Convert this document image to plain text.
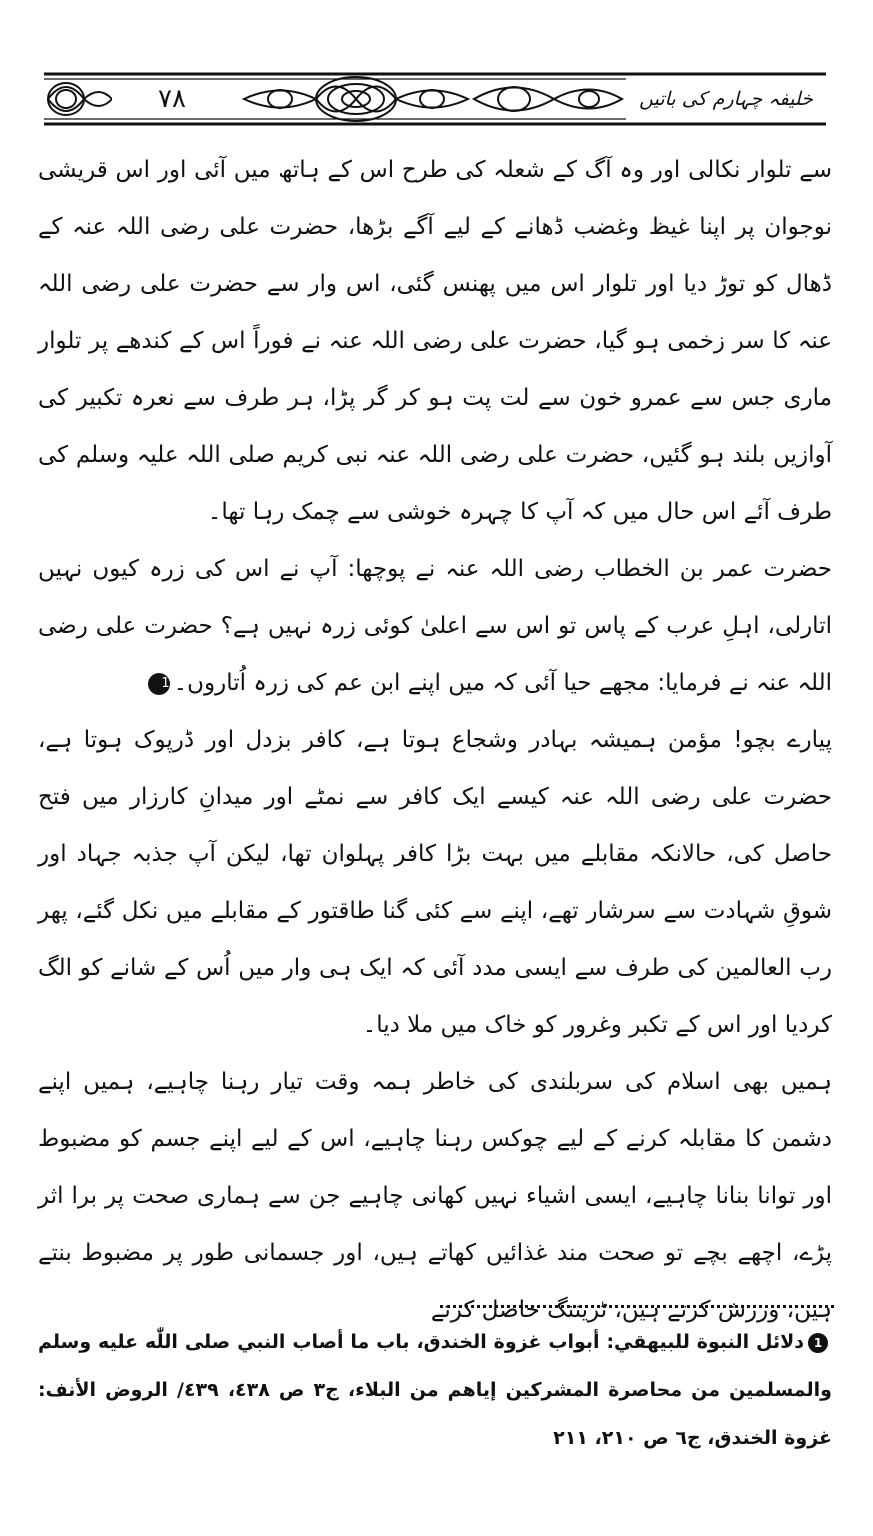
خلیفہ چہارم کی باتیں
۷۸

سے تلوار نکالی اور وہ آگ کے شعلہ کی طرح اس کے ہاتھ میں آئی اور اس قریشی نوجوان پر اپنا غیظ وغضب ڈھانے کے لیے آگے بڑھا، حضرت علی رضی اللہ عنہ کے ڈھال کو توڑ دیا اور تلوار اس میں پھنس گئی، اس وار سے حضرت علی رضی اللہ عنہ کا سر زخمی ہو گیا، حضرت علی رضی اللہ عنہ نے فوراً اس کے کندھے پر تلوار ماری جس سے عمرو خون سے لت پت ہو کر گر پڑا، ہر طرف سے نعرہ تکبیر کی آوازیں بلند ہو گئیں، حضرت علی رضی اللہ عنہ نبی کریم صلی اللہ علیہ وسلم کی طرف آئے اس حال میں کہ آپ کا چہرہ خوشی سے چمک رہا تھا۔

حضرت عمر بن الخطاب رضی اللہ عنہ نے پوچھا: آپ نے اس کی زرہ کیوں نہیں اتارلی، اہلِ عرب کے پاس تو اس سے اعلیٰ کوئی زرہ نہیں ہے؟ حضرت علی رضی اللہ عنہ نے فرمایا: مجھے حیا آئی کہ میں اپنے ابن عم کی زرہ اُتاروں۔1

پیارے بچو! مؤمن ہمیشہ بہادر وشجاع ہوتا ہے، کافر بزدل اور ڈرپوک ہوتا ہے، حضرت علی رضی اللہ عنہ کیسے ایک کافر سے نمٹے اور میدانِ کارزار میں فتح حاصل کی، حالانکہ مقابلے میں بہت بڑا کافر پہلوان تھا، لیکن آپ جذبہ جہاد اور شوقِ شہادت سے سرشار تھے، اپنے سے کئی گنا طاقتور کے مقابلے میں نکل گئے، پھر رب العالمین کی طرف سے ایسی مدد آئی کہ ایک ہی وار میں اُس کے شانے کو الگ کردیا اور اس کے تکبر وغرور کو خاک میں ملا دیا۔

ہمیں بھی اسلام کی سربلندی کی خاطر ہمہ وقت تیار رہنا چاہیے، ہمیں اپنے دشمن کا مقابلہ کرنے کے لیے چوکس رہنا چاہیے، اس کے لیے اپنے جسم کو مضبوط اور توانا بنانا چاہیے، ایسی اشیاء نہیں کھانی چاہیے جن سے ہماری صحت پر برا اثر پڑے، اچھے بچے تو صحت مند غذائیں کھاتے ہیں، اور جسمانی طور پر مضبوط بنتے ہیں، ورزش کرتے ہیں، ٹریننگ حاصل کرتے

1دلائل النبوة للبيهقي: أبواب غزوة الخندق، باب ما أصاب النبي صلى اللّٰه عليه وسلم والمسلمين من محاصرة المشركين إياهم من البلاء، ج٣ ص ٤٣٨، ٤٣٩/ الروض الأنف: غزوة الخندق، ج٦ ص ٢١٠، ٢١١
